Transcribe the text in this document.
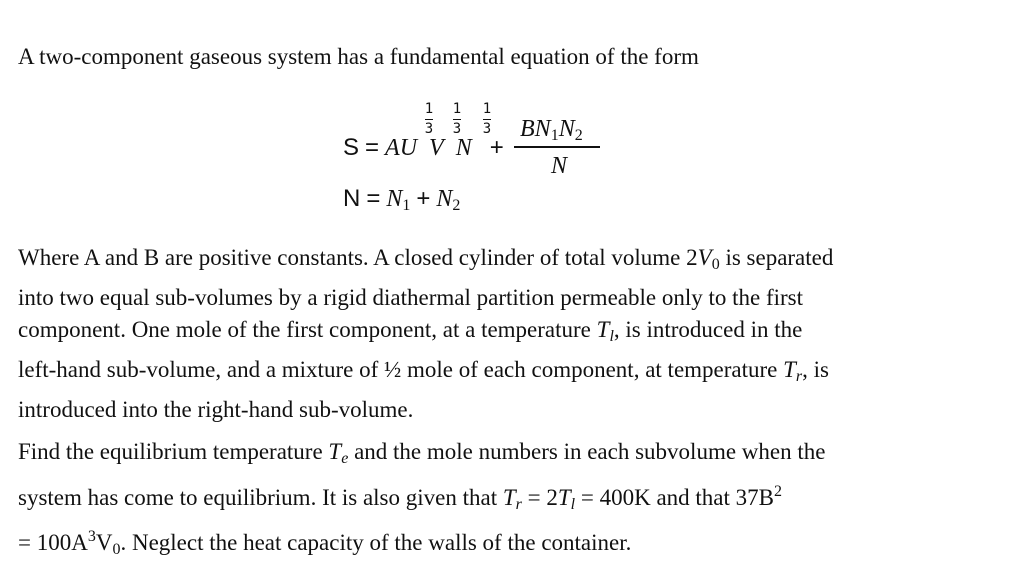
A two-component gaseous system has a fundamental equation of the form

S = AU V N +
1
3
1
3
1
3 $BN_1N_2$
N
$N = N_1 + N_2$

Where A and B are positive constants. A closed cylinder of total volume $2V_0$ is separated
into two equal sub-volumes by a rigid diathermal partition permeable only to the first
component. One mole of the first component, at a temperature $T_l$, is introduced in the
left-hand sub-volume, and a mixture of ½ mole of each component, at temperature $T_r$, is
introduced into the right-hand sub-volume.

Find the equilibrium temperature $T_e$ and the mole numbers in each subvolume when the
system has come to equilibrium. It is also given that $T_r = 2T_l = 400K$ and that $37B^2$
= $100A^3V_0$. Neglect the heat capacity of the walls of the container.
